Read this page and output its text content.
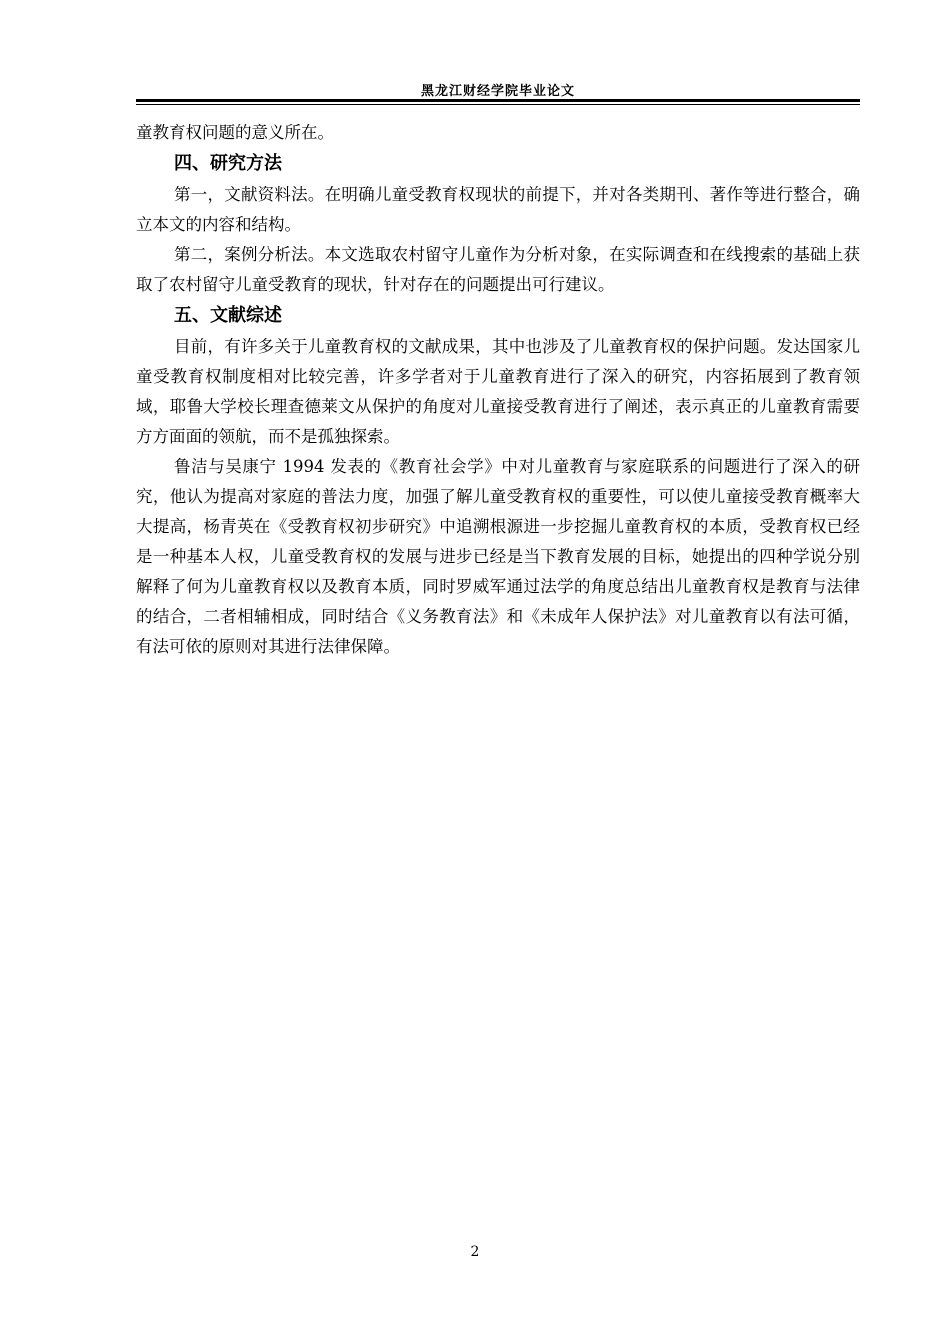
黑龙江财经学院毕业论文

童教育权问题的意义所在。

四、研究方法

第一，文献资料法。在明确儿童受教育权现状的前提下，并对各类期刊、著作等进行整合，确立本文的内容和结构。

第二，案例分析法。本文选取农村留守儿童作为分析对象，在实际调查和在线搜索的基础上获取了农村留守儿童受教育的现状，针对存在的问题提出可行建议。

五、文献综述

目前，有许多关于儿童教育权的文献成果，其中也涉及了儿童教育权的保护问题。发达国家儿童受教育权制度相对比较完善，许多学者对于儿童教育进行了深入的研究，内容拓展到了教育领域，耶鲁大学校长理查德莱文从保护的角度对儿童接受教育进行了阐述，表示真正的儿童教育需要方方面面的领航，而不是孤独探索。

鲁洁与吴康宁 1994 发表的《教育社会学》中对儿童教育与家庭联系的问题进行了深入的研究，他认为提高对家庭的普法力度，加强了解儿童受教育权的重要性，可以使儿童接受教育概率大大提高，杨青英在《受教育权初步研究》中追溯根源进一步挖掘儿童教育权的本质，受教育权已经是一种基本人权，儿童受教育权的发展与进步已经是当下教育发展的目标，她提出的四种学说分别解释了何为儿童教育权以及教育本质，同时罗威军通过法学的角度总结出儿童教育权是教育与法律的结合，二者相辅相成，同时结合《义务教育法》和《未成年人保护法》对儿童教育以有法可循，有法可依的原则对其进行法律保障。

2
